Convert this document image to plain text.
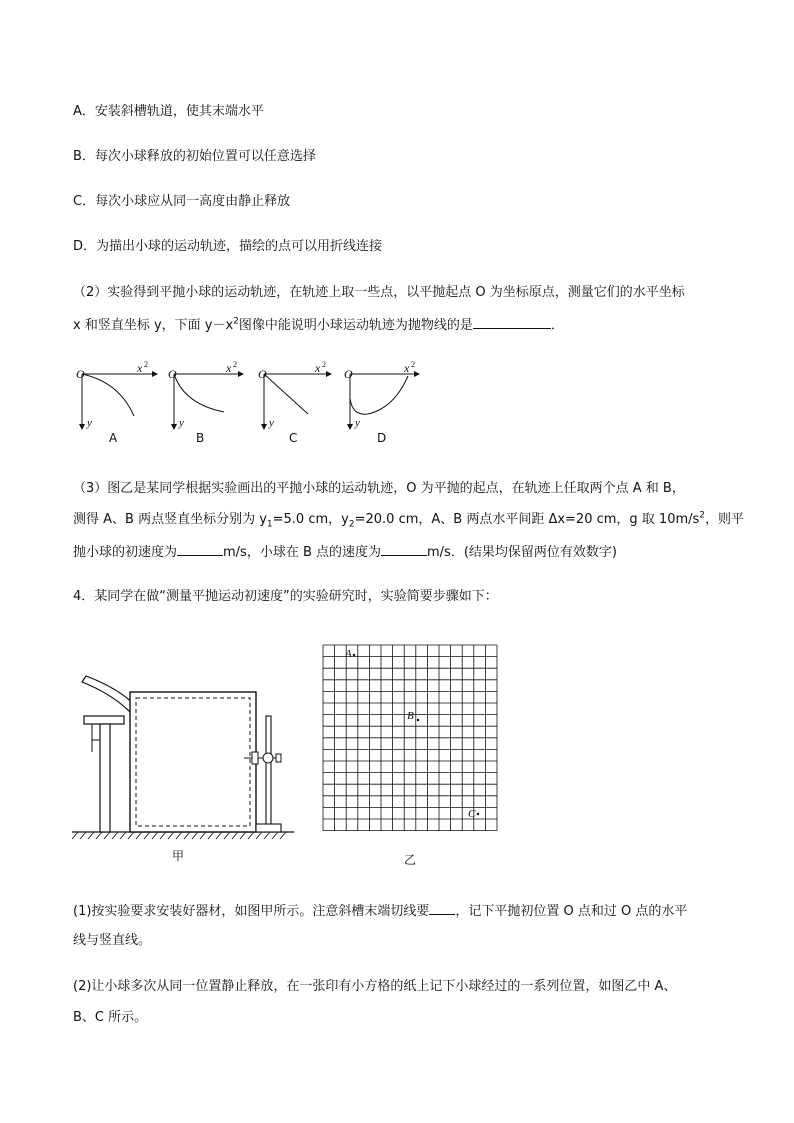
A．安装斜槽轨道，使其末端水平
B．每次小球释放的初始位置可以任意选择
C．每次小球应从同一高度由静止释放
D．为描出小球的运动轨迹，描绘的点可以用折线连接
（2）实验得到平抛小球的运动轨迹，在轨迹上取一些点，以平抛起点 O 为坐标原点，测量它们的水平坐标
x 和竖直坐标 y，下面 $y-x^2$图像中能说明小球运动轨迹为抛物线的是	．
O	x 2
y
A
O	x 2
y
B
O	x 2
y
C
O	x 2
y
D
（3）图乙是某同学根据实验画出的平抛小球的运动轨迹，O 为平抛的起点，在轨迹上任取两个点 A 和 B，
测得 A、B 两点竖直坐标分别为 $y_1=5.0$ cm，$y_2=20.0$ cm，A、B 两点水平间距 Δx=20 cm，g 取 $10m/s^2$，则平
抛小球的初速度为	m/s，小球在 B 点的速度为	m/s．(结果均保留两位有效数字)
4．某同学在做“测量平抛运动初速度”的实验研究时，实验简要步骤如下：
甲
A
B
C
乙
(1)按实验要求安装好器材，如图甲所示。注意斜槽末端切线要 ，记下平抛初位置 O 点和过 O 点的水平
线与竖直线。
(2)让小球多次从同一位置静止释放，在一张印有小方格的纸上记下小球经过的一系列位置，如图乙中 A、
B、C 所示。
